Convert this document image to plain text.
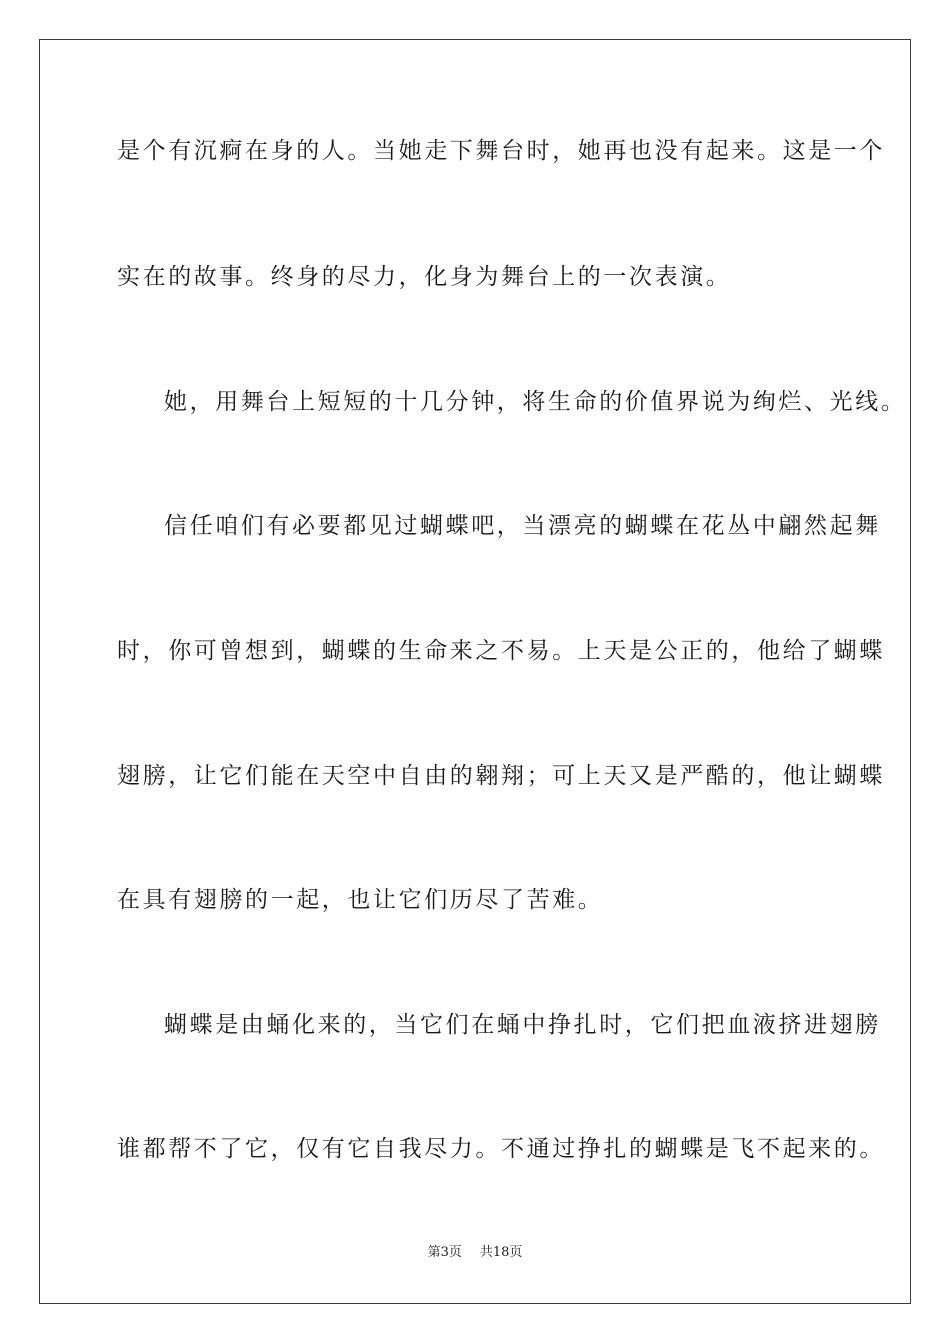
是个有沉痾在身的人。当她走下舞台时，她再也没有起来。这是一个
实在的故事。终身的尽力，化身为舞台上的一次表演。
她，用舞台上短短的十几分钟，将生命的价值界说为绚烂、光线。
信任咱们有必要都见过蝴蝶吧，当漂亮的蝴蝶在花丛中翩然起舞
时，你可曾想到，蝴蝶的生命来之不易。上天是公正的，他给了蝴蝶
翅膀，让它们能在天空中自由的翱翔；可上天又是严酷的，他让蝴蝶
在具有翅膀的一起，也让它们历尽了苦难。
蝴蝶是由蛹化来的，当它们在蛹中挣扎时，它们把血液挤进翅膀
谁都帮不了它，仅有它自我尽力。不通过挣扎的蝴蝶是飞不起来的。
第3页 共18页
